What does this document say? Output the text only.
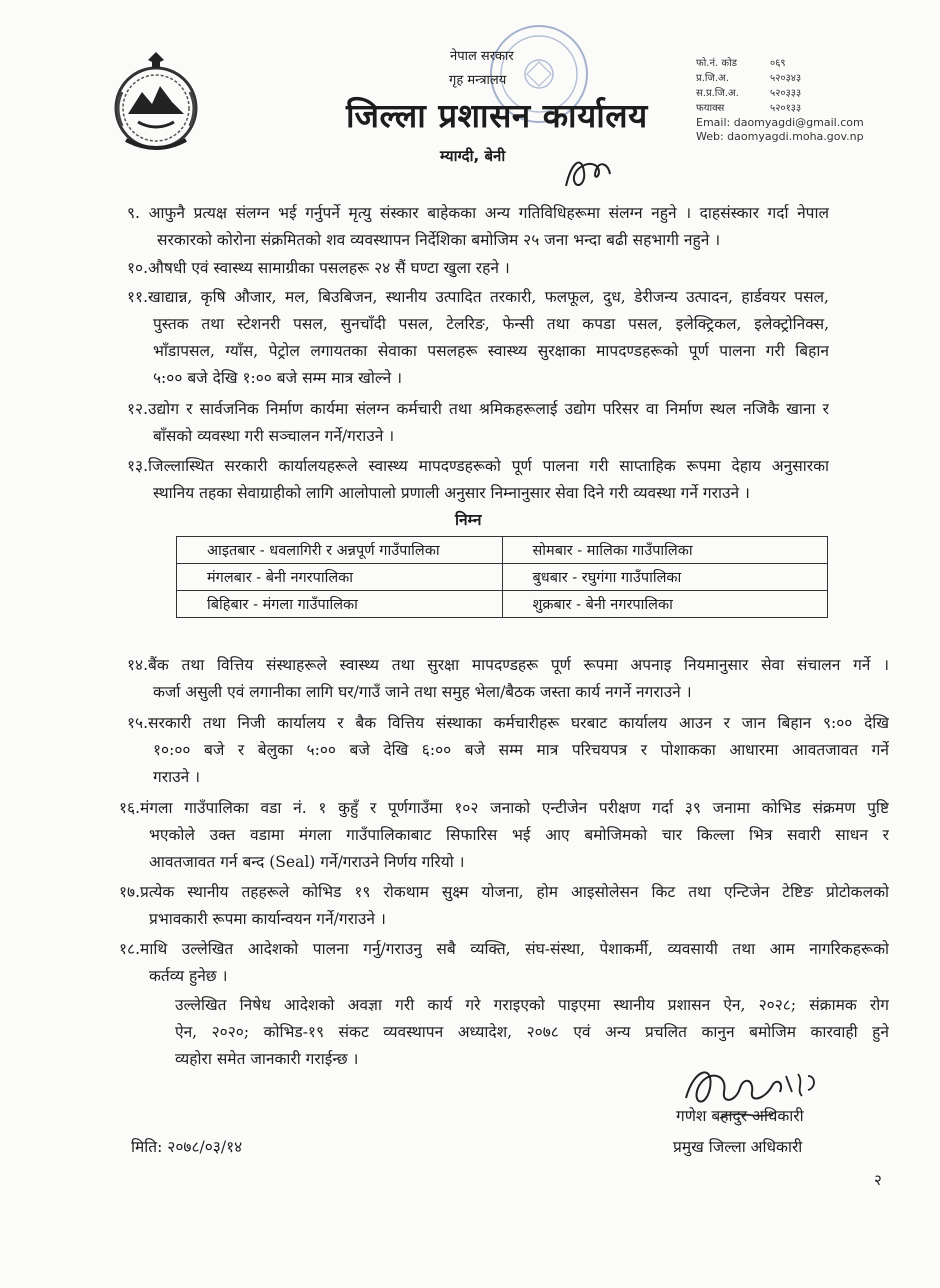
नेपाल सरकार
गृह मन्त्रालय
जिल्ला प्रशासन कार्यालय
म्याग्दी, बेनी
फो.नं. कोड	०६९
प्र.जि.अ.	५२०३४३
स.प्र.जि.अ.	५२०३३३
फयाक्स	५२०१३३
Email: daomyagdi@gmail.com
Web: daomyagdi.moha.gov.np
९. आफुनै प्रत्यक्ष संलग्न भई गर्नुपर्ने मृत्यु संस्कार बाहेकका अन्य गतिविधिहरूमा संलग्न नहुने । दाहसंस्कार गर्दा नेपाल
सरकारको कोरोना संक्रमितको शव व्यवस्थापन निर्देशिका बमोजिम २५ जना भन्दा बढी सहभागी नहुने ।
१०.औषधी एवं स्वास्थ्य सामाग्रीका पसलहरू २४ सैं घण्टा खुला रहने ।
११.खाद्यान्न, कृषि औजार, मल, बिउबिजन, स्थानीय उत्पादित तरकारी, फलफूल, दुध, डेरीजन्य उत्पादन, हार्डवयर पसल,
पुस्तक तथा स्टेशनरी पसल, सुनचाँदी पसल, टेलरिङ, फेन्सी तथा कपडा पसल, इलेक्ट्रिकल, इलेक्ट्रोनिक्स,
भाँडापसल, ग्याँस, पेट्रोल लगायतका सेवाका पसलहरू स्वास्थ्य सुरक्षाका मापदण्डहरूको पूर्ण पालना गरी बिहान
५:०० बजे देखि १:०० बजे सम्म मात्र खोल्ने ।
१२.उद्योग र सार्वजनिक निर्माण कार्यमा संलग्न कर्मचारी तथा श्रमिकहरूलाई उद्योग परिसर वा निर्माण स्थल नजिकै खाना र
बाँसको व्यवस्था गरी सञ्चालन गर्ने/गराउने ।
१३.जिल्लास्थित सरकारी कार्यालयहरूले स्वास्थ्य मापदण्डहरूको पूर्ण पालना गरी साप्ताहिक रूपमा देहाय अनुसारका
स्थानिय तहका सेवाग्राहीको लागि आलोपालो प्रणाली अनुसार निम्नानुसार सेवा दिने गरी व्यवस्था गर्ने गराउने ।
निम्न
आइतबार - धवलागिरी र अन्नपूर्ण गाउँपालिका	सोमबार - मालिका गाउँपालिका
मंगलबार - बेनी नगरपालिका	बुधबार - रघुगंगा गाउँपालिका
बिहिबार - मंगला गाउँपालिका	शुक्रबार - बेनी नगरपालिका
१४.बैंक तथा वित्तिय संस्थाहरूले स्वास्थ्य तथा सुरक्षा मापदण्डहरू पूर्ण रूपमा अपनाइ नियमानुसार सेवा संचालन गर्ने ।
कर्जा असुली एवं लगानीका लागि घर/गाउँ जाने तथा समुह भेला/बैठक जस्ता कार्य नगर्ने नगराउने ।
१५.सरकारी तथा निजी कार्यालय र बैक वित्तिय संस्थाका कर्मचारीहरू घरबाट कार्यालय आउन र जान बिहान ९:०० देखि
१०:०० बजे र बेलुका ५:०० बजे देखि ६:०० बजे सम्म मात्र परिचयपत्र र पोशाकका आधारमा आवतजावत गर्ने
गराउने ।
१६.मंगला गाउँपालिका वडा नं. १ कुहुँ र पूर्णगाउँमा १०२ जनाको एन्टीजेन परीक्षण गर्दा ३९ जनामा कोभिड संक्रमण पुष्टि
भएकोले उक्त वडामा मंगला गाउँपालिकाबाट सिफारिस भई आए बमोजिमको चार किल्ला भित्र सवारी साधन र
आवतजावत गर्न बन्द (Seal) गर्ने/गराउने निर्णय गरियो ।
१७.प्रत्येक स्थानीय तहहरूले कोभिड १९ रोकथाम सुक्ष्म योजना, होम आइसोलेसन किट तथा एन्टिजेन टेष्टिङ प्रोटोकलको
प्रभावकारी रूपमा कार्यान्वयन गर्ने/गराउने ।
१८.माथि उल्लेखित आदेशको पालना गर्नु/गराउनु सबै व्यक्ति, संघ-संस्था, पेशाकर्मी, व्यवसायी तथा आम नागरिकहरूको
कर्तव्य हुनेछ ।
उल्लेखित निषेध आदेशको अवज्ञा गरी कार्य गरे गराइएको पाइएमा स्थानीय प्रशासन ऐन, २०२८; संक्रामक रोग
ऐन, २०२०; कोभिड-१९ संकट व्यवस्थापन अध्यादेश, २०७८ एवं अन्य प्रचलित कानुन बमोजिम कारवाही हुने
व्यहोरा समेत जानकारी गराईन्छ ।
गणेश बहादुर अधिकारी
प्रमुख जिल्ला अधिकारी
मिति: २०७८/०३/१४
२
